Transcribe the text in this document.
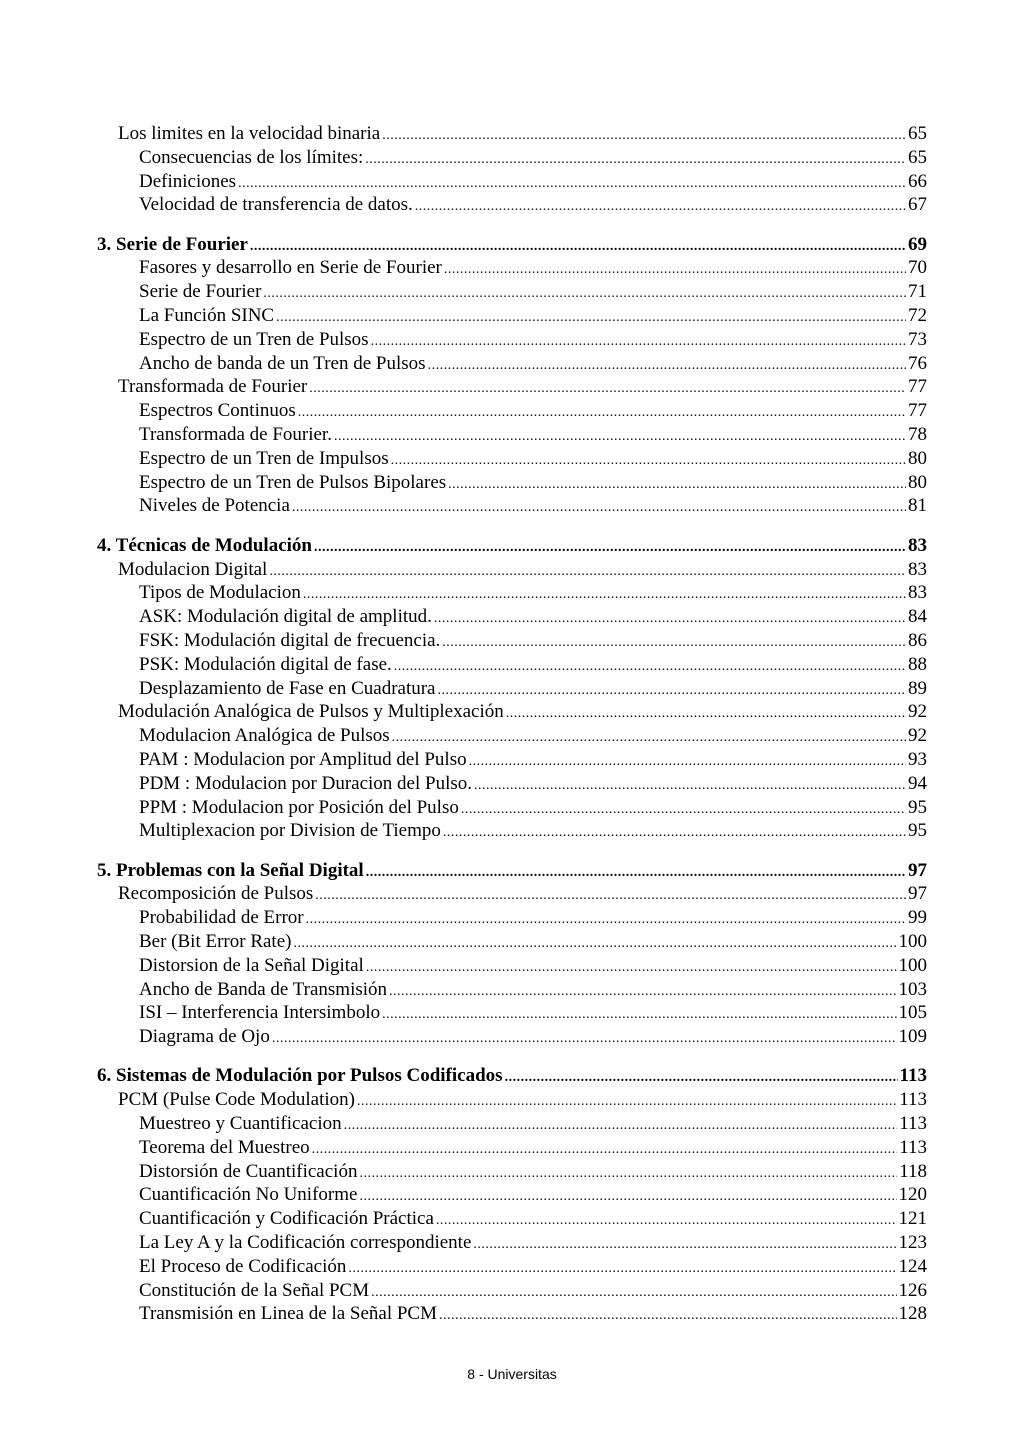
Los limites en la velocidad binaria .....	65
Consecuencias de los límites: .....	65
Definiciones .....	66
Velocidad de transferencia de datos. .....	67
3. Serie de Fourier .....	69
Fasores y desarrollo en Serie de Fourier .....	70
Serie de Fourier .....	71
La Función SINC .....	72
Espectro de un Tren de Pulsos .....	73
Ancho de banda de un Tren de Pulsos .....	76
Transformada de Fourier .....	77
Espectros Continuos .....	77
Transformada de Fourier. .....	78
Espectro de un Tren de Impulsos .....	80
Espectro de un Tren de Pulsos Bipolares .....	80
Niveles de Potencia .....	81
4. Técnicas de Modulación .....	83
Modulacion Digital .....	83
Tipos de Modulacion .....	83
ASK: Modulación digital de amplitud. .....	84
FSK: Modulación digital de frecuencia. .....	86
PSK: Modulación digital de fase. .....	88
Desplazamiento de Fase en Cuadratura .....	89
Modulación Analógica de Pulsos y Multiplexación .....	92
Modulacion Analógica de Pulsos .....	92
PAM : Modulacion por Amplitud del Pulso .....	93
PDM : Modulacion por Duracion del Pulso. .....	94
PPM : Modulacion por Posición del Pulso .....	95
Multiplexacion por Division de Tiempo .....	95
5. Problemas con la Señal Digital .....	97
Recomposición de Pulsos .....	97
Probabilidad de Error .....	99
Ber (Bit Error Rate) .....	100
Distorsion de la Señal Digital .....	100
Ancho de Banda de Transmisión .....	103
ISI – Interferencia Intersimbolo .....	105
Diagrama de Ojo .....	109
6. Sistemas de Modulación por Pulsos Codificados .....	113
PCM (Pulse Code Modulation) .....	113
Muestreo y Cuantificacion .....	113
Teorema del Muestreo .....	113
Distorsión de Cuantificación .....	118
Cuantificación No Uniforme .....	120
Cuantificación y Codificación Práctica .....	121
La Ley A y la Codificación correspondiente .....	123
El Proceso de Codificación .....	124
Constitución de la Señal PCM .....	126
Transmisión en Linea de la Señal PCM .....	128
8 - Universitas
